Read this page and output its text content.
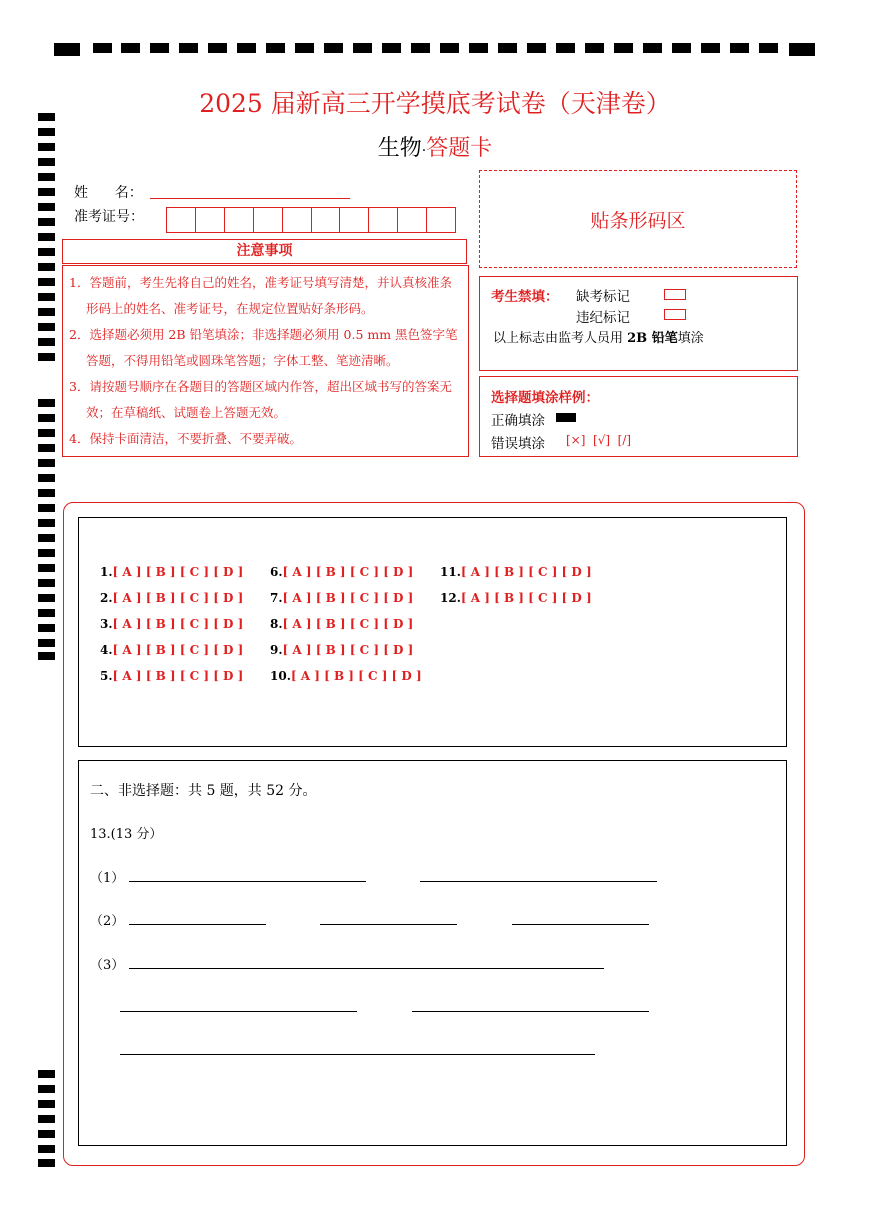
2025 届新高三开学摸底考试卷（天津卷）
生物·答题卡
姓      名：
准考证号：	贴条形码区
注意事项

1．答题前，考生先将自己的姓名，准考证号填写清楚，并认真核准条形码上的姓名、准考证号，在规定位置贴好条形码。

2．选择题必须用 2B 铅笔填涂；非选择题必须用 0.5 mm 黑色签字笔答题，不得用铅笔或圆珠笔答题；字体工整、笔迹清晰。

3．请按题号顺序在各题目的答题区域内作答，超出区域书写的答案无效；在草稿纸、试题卷上答题无效。

4．保持卡面清洁，不要折叠、不要弄破。

考生禁填： 缺考标记
违纪标记
以上标志由监考人员用 2B 铅笔填涂
选择题填涂样例：
正确填涂
错误填涂 [×]  [√]  [/]
1.[ A ] [ B ] [ C ] [ D ]
2.[ A ] [ B ] [ C ] [ D ]
3.[ A ] [ B ] [ C ] [ D ]
4.[ A ] [ B ] [ C ] [ D ]
5.[ A ] [ B ] [ C ] [ D ]
6.[ A ] [ B ] [ C ] [ D ]
7.[ A ] [ B ] [ C ] [ D ]
8.[ A ] [ B ] [ C ] [ D ]
9.[ A ] [ B ] [ C ] [ D ]
10.[ A ] [ B ] [ C ] [ D ]
11.[ A ] [ B ] [ C ] [ D ]
12.[ A ] [ B ] [ C ] [ D ]
二、非选择题：共 5 题，共 52 分。
13.(13 分）
（1）
（2）
（3）
